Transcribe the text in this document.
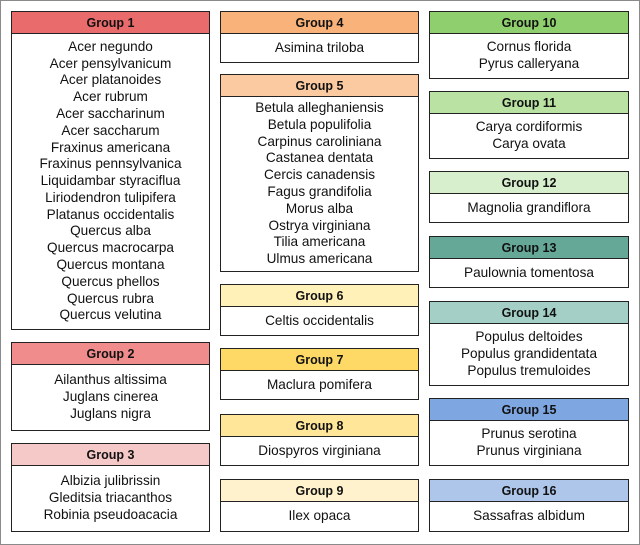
Group 1
Acer negundo
Acer pensylvanicum
Acer platanoides
Acer rubrum
Acer saccharinum
Acer saccharum
Fraxinus americana
Fraxinus pennsylvanica
Liquidambar styraciflua
Liriodendron tulipifera
Platanus occidentalis
Quercus alba
Quercus macrocarpa
Quercus montana
Quercus phellos
Quercus rubra
Quercus velutina
Group 2
Ailanthus altissima
Juglans cinerea
Juglans nigra
Group 3
Albizia julibrissin
Gleditsia triacanthos
Robinia pseudoacacia
Group 4
Asimina triloba
Group 5
Betula alleghaniensis
Betula populifolia
Carpinus caroliniana
Castanea dentata
Cercis canadensis
Fagus grandifolia
Morus alba
Ostrya virginiana
Tilia americana
Ulmus americana
Group 6
Celtis occidentalis
Group 7
Maclura pomifera
Group 8
Diospyros virginiana
Group 9
Ilex opaca
Group 10
Cornus florida
Pyrus calleryana
Group 11
Carya cordiformis
Carya ovata
Group 12
Magnolia grandiflora
Group 13
Paulownia tomentosa
Group 14
Populus deltoides
Populus grandidentata
Populus tremuloides
Group 15
Prunus serotina
Prunus virginiana
Group 16
Sassafras albidum
